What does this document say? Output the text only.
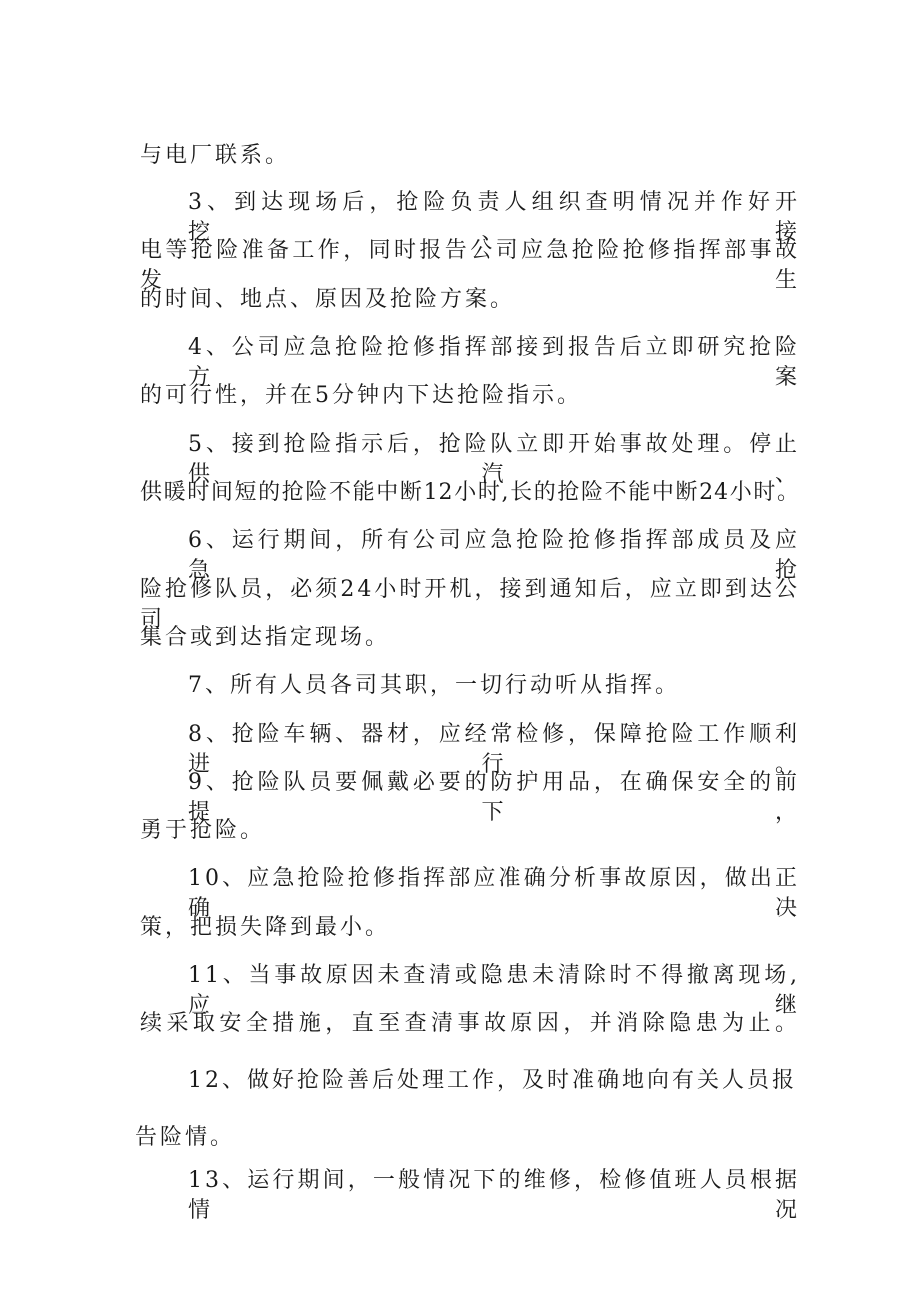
与电厂联系。
3、到达现场后，抢险负责人组织查明情况并作好开挖、接
电等抢险准备工作，同时报告公司应急抢险抢修指挥部事故发生
的时间、地点、原因及抢险方案。
4、公司应急抢险抢修指挥部接到报告后立即研究抢险方案
的可行性，并在5分钟内下达抢险指示。
5、接到抢险指示后，抢险队立即开始事故处理。停止供汽、
供暖时间短的抢险不能中断12小时,长的抢险不能中断24小时。
6、运行期间，所有公司应急抢险抢修指挥部成员及应急抢
险抢修队员，必须24小时开机，接到通知后，应立即到达公司
集合或到达指定现场。
7、所有人员各司其职，一切行动听从指挥。
8、抢险车辆、器材，应经常检修，保障抢险工作顺利进行。
9、抢险队员要佩戴必要的防护用品，在确保安全的前提下，
勇于抢险。
10、应急抢险抢修指挥部应准确分析事故原因，做出正确决
策，把损失降到最小。
11、当事故原因未查清或隐患未清除时不得撤离现场,应继
续采取安全措施，直至查清事故原因，并消除隐患为止。
12、做好抢险善后处理工作，及时准确地向有关人员报
告险情。
13、运行期间，一般情况下的维修，检修值班人员根据情况
